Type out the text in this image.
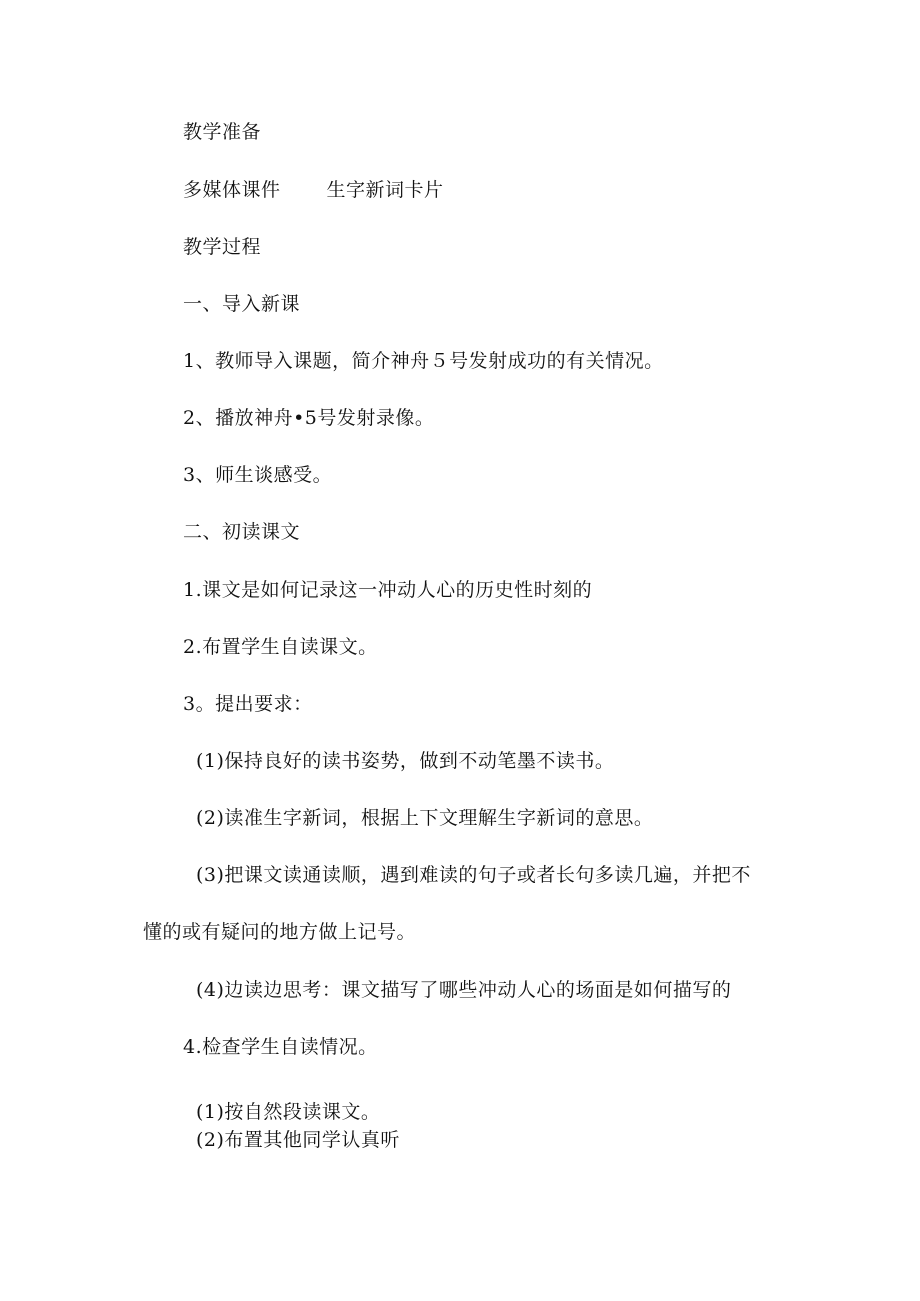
教学准备
多媒体课件 生字新词卡片
教学过程
一、导入新课
1、教师导入课题，简介神舟５号发射成功的有关情况。
2、播放神舟•5号发射录像。
3、师生谈感受。
二、初读课文
1.课文是如何记录这一冲动人心的历史性时刻的
2.布置学生自读课文。
3。提出要求：
(1)保持良好的读书姿势，做到不动笔墨不读书。
(2)读准生字新词，根据上下文理解生字新词的意思。
(3)把课文读通读顺，遇到难读的句子或者长句多读几遍，并把不
懂的或有疑问的地方做上记号。
(4)边读边思考：课文描写了哪些冲动人心的场面是如何描写的
4.检查学生自读情况。
(1)按自然段读课文。
(2)布置其他同学认真听
